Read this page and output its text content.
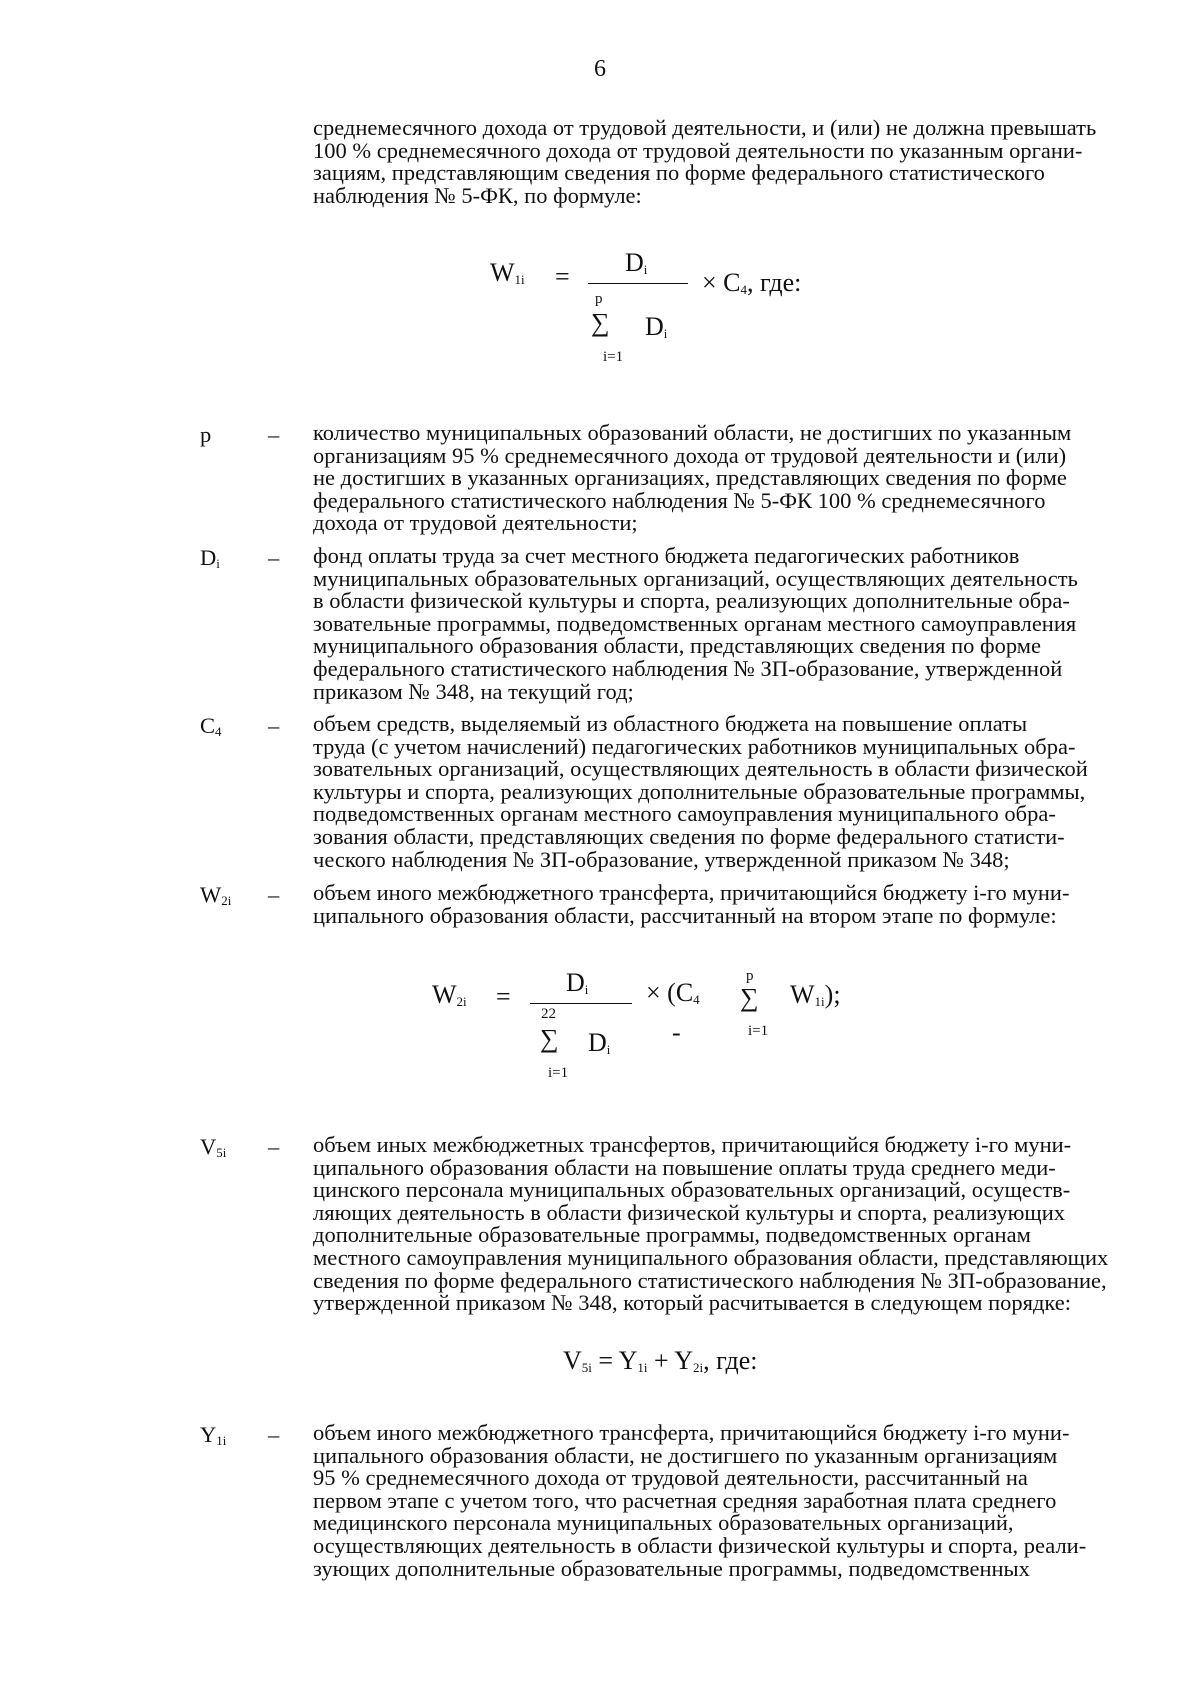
6
среднемесячного дохода от трудовой деятельности, и (или) не должна превышать
100 % среднемесячного дохода от трудовой деятельности по указанным органи-
зациям, представляющим сведения по форме федерального статистического
наблюдения № 5-ФК, по формуле:
$W_{1i} = D_i$
p
∑ $D_i$
i=1
× $C_4$, где:
p	– количество муниципальных образований области, не достигших по указанным
организациям 95 % среднемесячного дохода от трудовой деятельности и (или)
не достигших в указанных организациях, представляющих сведения по форме
федерального статистического наблюдения № 5-ФК 100 % среднемесячного
дохода от трудовой деятельности;
$D_i$ – фонд оплаты труда за счет местного бюджета педагогических работников
муниципальных образовательных организаций, осуществляющих деятельность
в области физической культуры и спорта, реализующих дополнительные обра-
зовательные программы, подведомственных органам местного самоуправления
муниципального образования области, представляющих сведения по форме
федерального статистического наблюдения № ЗП-образование, утвержденной
приказом № 348, на текущий год;
$C_4$ – объем средств, выделяемый из областного бюджета на повышение оплаты
труда (с учетом начислений) педагогических работников муниципальных обра-
зовательных организаций, осуществляющих деятельность в области физической
культуры и спорта, реализующих дополнительные образовательные программы,
подведомственных органам местного самоуправления муниципального обра-
зования области, представляющих сведения по форме федерального статисти-
ческого наблюдения № ЗП-образование, утвержденной приказом № 348;
$W_{2i}$ – объем иного межбюджетного трансферта, причитающийся бюджету i-го муни-
ципального образования области, рассчитанный на втором этапе по формуле:
$W_{2i} = D_i$
22
∑ $D_i$
i=1
× ($C_4$
-
p
∑
i=1
$W_{1i}$);
$V_{5i}$ – объем иных межбюджетных трансфертов, причитающийся бюджету i-го муни-
ципального образования области на повышение оплаты труда среднего меди-
цинского персонала муниципальных образовательных организаций, осуществ-
ляющих деятельность в области физической культуры и спорта, реализующих
дополнительные образовательные программы, подведомственных органам
местного самоуправления муниципального образования области, представляющих
сведения по форме федерального статистического наблюдения № ЗП-образование,
утвержденной приказом № 348, который расчитывается в следующем порядке:
$V_{5i} = Y_{1i} + Y_{2i}$, где:
$Y_{1i}$ – объем иного межбюджетного трансферта, причитающийся бюджету i-го муни-
ципального образования области, не достигшего по указанным организациям
95 % среднемесячного дохода от трудовой деятельности, рассчитанный на
первом этапе с учетом того, что расчетная средняя заработная плата среднего
медицинского персонала муниципальных образовательных организаций,
осуществляющих деятельность в области физической культуры и спорта, реали-
зующих дополнительные образовательные программы, подведомственных
